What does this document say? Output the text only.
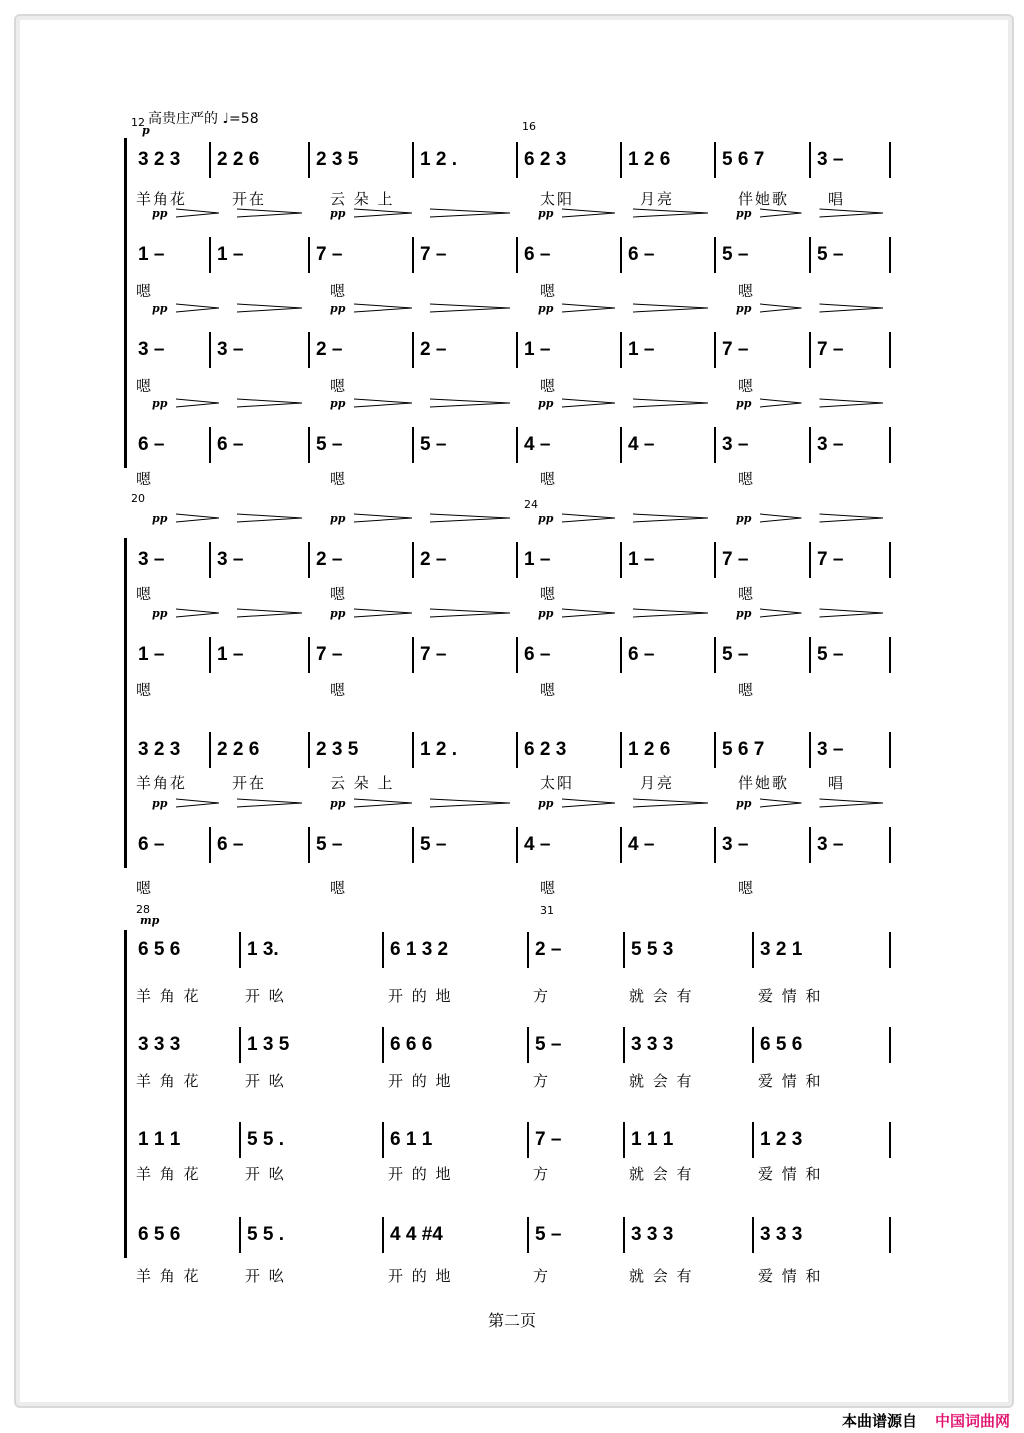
高贵庄严的 ♩=58
12	16
20	24
28	31
p
mp
3 2 3	2 2 6	2 3 5	1 2 .	6 2 3	1 2 6	5 6 7	3 –
羊角花	开在	云 朵 上	太阳	月亮	伴她歌	唱
1 –	1 –	7 –	7 –	6 –	6 –	5 –	5 –
嗯	嗯	嗯	嗯
3 –	3 –	2 –	2 –	1 –	1 –	7 –	7 –
嗯	嗯	嗯	嗯
6 –	6 –	5 –	5 –	4 –	4 –	3 –	3 –
嗯	嗯	嗯	嗯
3 –	3 –	2 –	2 –	1 –	1 –	7 –	7 –
嗯	嗯	嗯	嗯
1 –	1 –	7 –	7 –	6 –	6 –	5 –	5 –
嗯	嗯	嗯	嗯
3 2 3	2 2 6	2 3 5	1 2 .	6 2 3	1 2 6	5 6 7	3 –
羊角花	开在	云 朵 上	太阳	月亮	伴她歌	唱
6 –	6 –	5 –	5 –	4 –	4 –	3 –	3 –
嗯	嗯	嗯	嗯
6 5 6	1 3.	6 1 3 2	2 –	5 5 3	3 2 1
羊 角 花	开 吆	开 的 地	方	就 会 有	爱 情 和
3 3 3	1 3 5	6 6 6	5 –	3 3 3	6 5 6
羊 角 花	开 吆	开 的 地	方	就 会 有	爱 情 和
1 1 1	5 5 .	6 1 1	7 –	1 1 1	1 2 3
羊 角 花	开 吆	开 的 地	方	就 会 有	爱 情 和
6 5 6	5 5 .	4 4 #4	5 –	3 3 3	3 3 3
羊 角 花	开 吆	开 的 地	方	就 会 有	爱 情 和
pp	pp	pp	pp
pp	pp	pp	pp
pp	pp	pp	pp
pp	pp	pp	pp
pp	pp	pp	pp
pp	pp	pp	pp
第二页
本曲谱源自 中国词曲网
